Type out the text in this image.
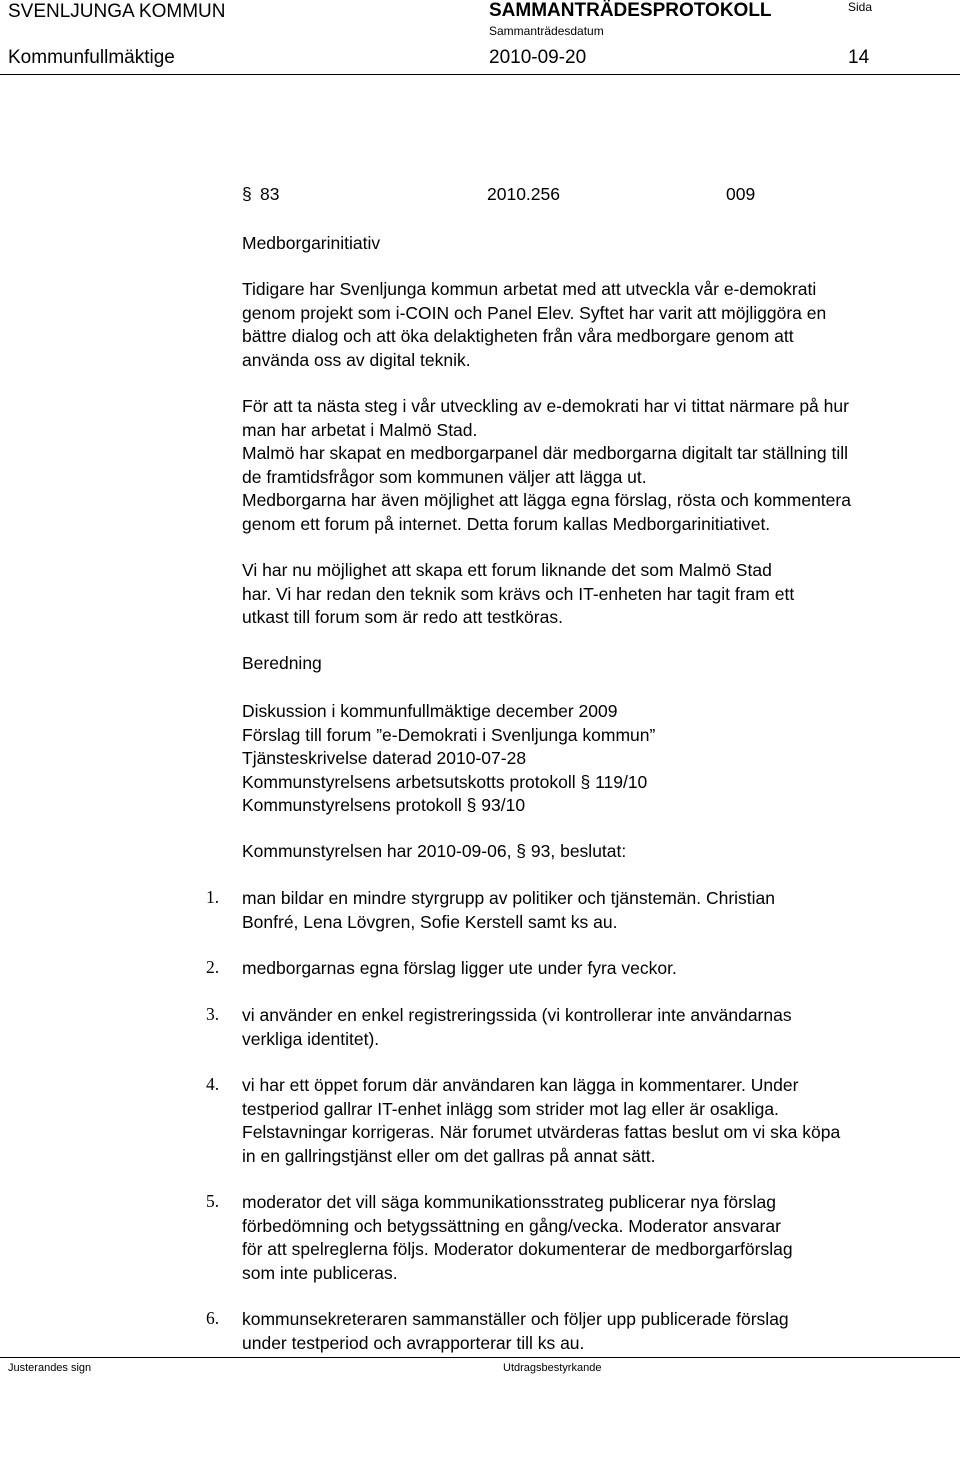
SVENLJUNGA KOMMUN	SAMMANTRÄDESPROTOKOLL
Sammanträdesdatum
Sida
Kommunfullmäktige	2010-09-20	14
§ 83	2010.256	009
Medborgarinitiativ

Tidigare har Svenljunga kommun arbetat med att utveckla vår e-demokrati

genom projekt som i-COIN och Panel Elev. Syftet har varit att möjliggöra en

bättre dialog och att öka delaktigheten från våra medborgare genom att

använda oss av digital teknik.

För att ta nästa steg i vår utveckling av e-demokrati har vi tittat närmare på hur

man har arbetat i Malmö Stad.

Malmö har skapat en medborgarpanel där medborgarna digitalt tar ställning till

de framtidsfrågor som kommunen väljer att lägga ut.

Medborgarna har även möjlighet att lägga egna förslag, rösta och kommentera

genom ett forum på internet. Detta forum kallas Medborgarinitiativet.

Vi har nu möjlighet att skapa ett forum liknande det som Malmö Stad

har. Vi har redan den teknik som krävs och IT-enheten har tagit fram ett

utkast till forum som är redo att testköras.

Beredning

Diskussion i kommunfullmäktige december 2009

Förslag till forum ”e-Demokrati i Svenljunga kommun”

Tjänsteskrivelse daterad 2010-07-28

Kommunstyrelsens arbetsutskotts protokoll § 119/10

Kommunstyrelsens protokoll § 93/10

Kommunstyrelsen har 2010-09-06, § 93, beslutat:

1. man bildar en mindre styrgrupp av politiker och tjänstemän. Christian

Bonfré, Lena Lövgren, Sofie Kerstell samt ks au.

2. medborgarnas egna förslag ligger ute under fyra veckor.

3. vi använder en enkel registreringssida (vi kontrollerar inte användarnas

verkliga identitet).

4. vi har ett öppet forum där användaren kan lägga in kommentarer. Under

testperiod gallrar IT-enhet inlägg som strider mot lag eller är osakliga.

Felstavningar korrigeras. När forumet utvärderas fattas beslut om vi ska köpa

in en gallringstjänst eller om det gallras på annat sätt.

5. moderator det vill säga kommunikationsstrateg publicerar nya förslag

förbedömning och betygssättning en gång/vecka. Moderator ansvarar

för att spelreglerna följs. Moderator dokumenterar de medborgarförslag

som inte publiceras.

6. kommunsekreteraren sammanställer och följer upp publicerade förslag

under testperiod och avrapporterar till ks au.

Justerandes sign	Utdragsbestyrkande
